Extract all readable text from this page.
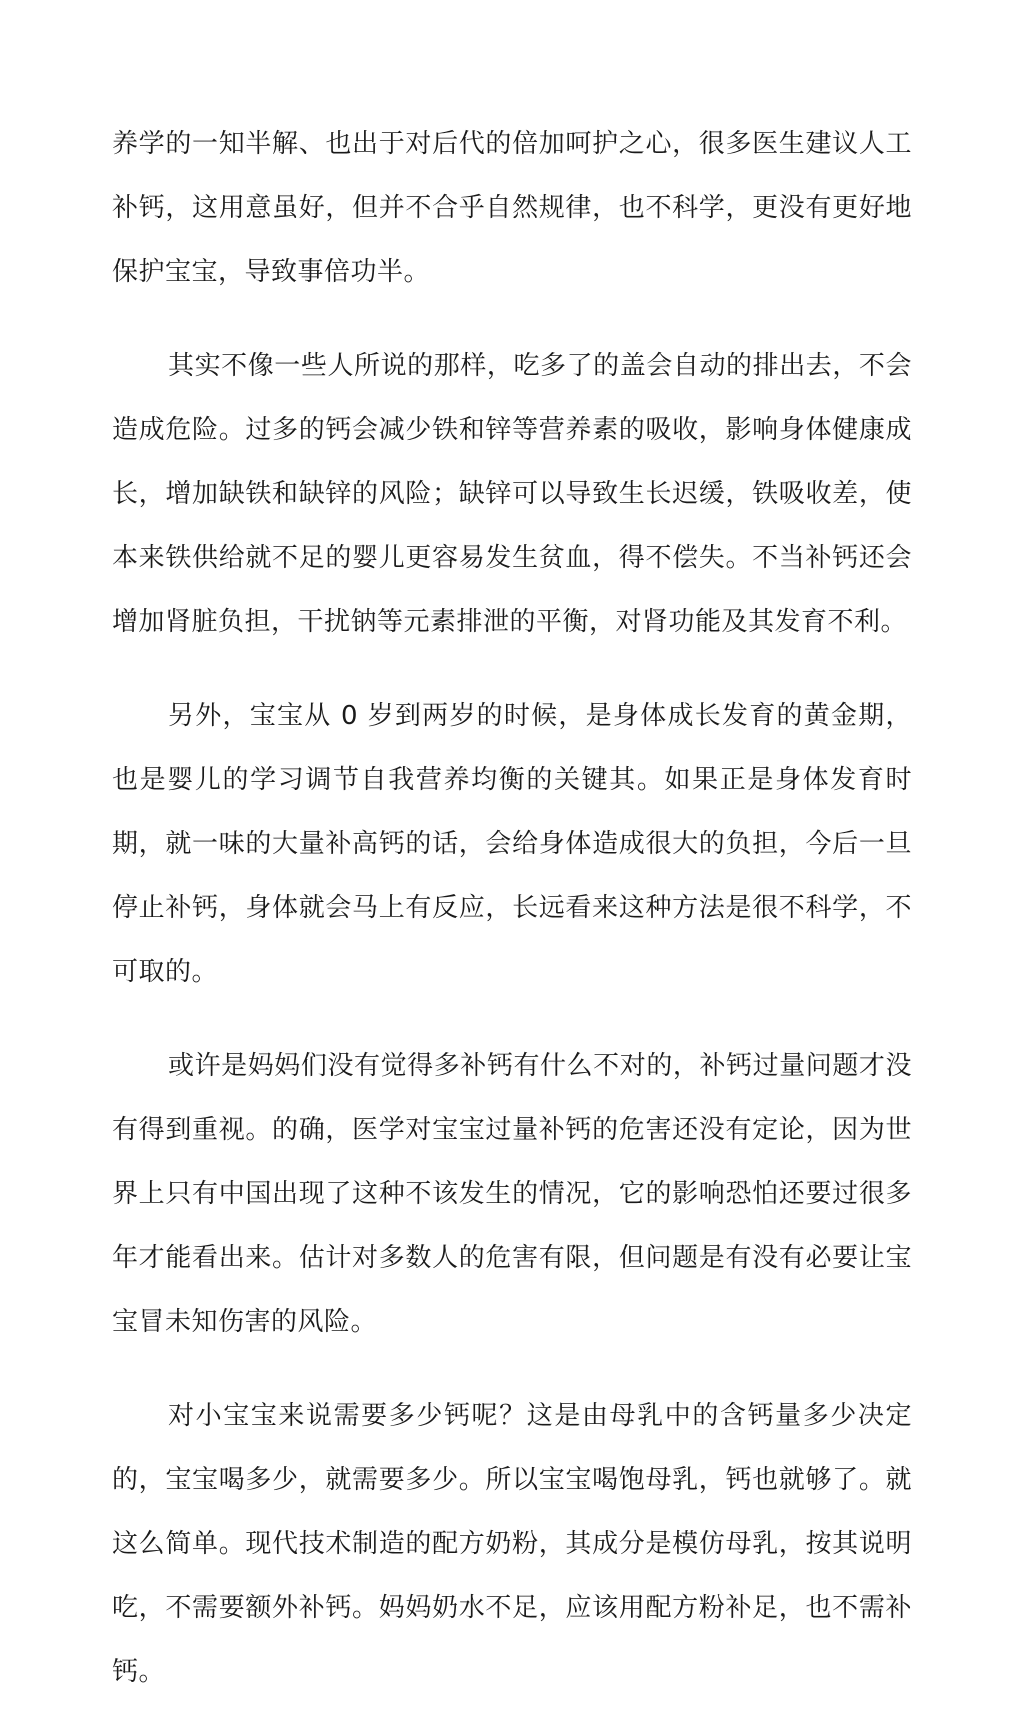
养学的一知半解、也出于对后代的倍加呵护之心，很多医生建议人工补钙，这用意虽好，但并不合乎自然规律，也不科学，更没有更好地保护宝宝，导致事倍功半。

其实不像一些人所说的那样，吃多了的盖会自动的排出去，不会造成危险。过多的钙会减少铁和锌等营养素的吸收，影响身体健康成长，增加缺铁和缺锌的风险；缺锌可以导致生长迟缓，铁吸收差，使本来铁供给就不足的婴儿更容易发生贫血，得不偿失。不当补钙还会增加肾脏负担，干扰钠等元素排泄的平衡，对肾功能及其发育不利。

另外，宝宝从 0 岁到两岁的时候，是身体成长发育的黄金期，也是婴儿的学习调节自我营养均衡的关键其。如果正是身体发育时期，就一味的大量补高钙的话，会给身体造成很大的负担，今后一旦停止补钙，身体就会马上有反应，长远看来这种方法是很不科学，不可取的。

或许是妈妈们没有觉得多补钙有什么不对的，补钙过量问题才没有得到重视。的确，医学对宝宝过量补钙的危害还没有定论，因为世界上只有中国出现了这种不该发生的情况，它的影响恐怕还要过很多年才能看出来。估计对多数人的危害有限，但问题是有没有必要让宝宝冒未知伤害的风险。

对小宝宝来说需要多少钙呢？这是由母乳中的含钙量多少决定的，宝宝喝多少，就需要多少。所以宝宝喝饱母乳，钙也就够了。就这么简单。现代技术制造的配方奶粉，其成分是模仿母乳，按其说明吃，不需要额外补钙。妈妈奶水不足，应该用配方粉补足，也不需补钙。
